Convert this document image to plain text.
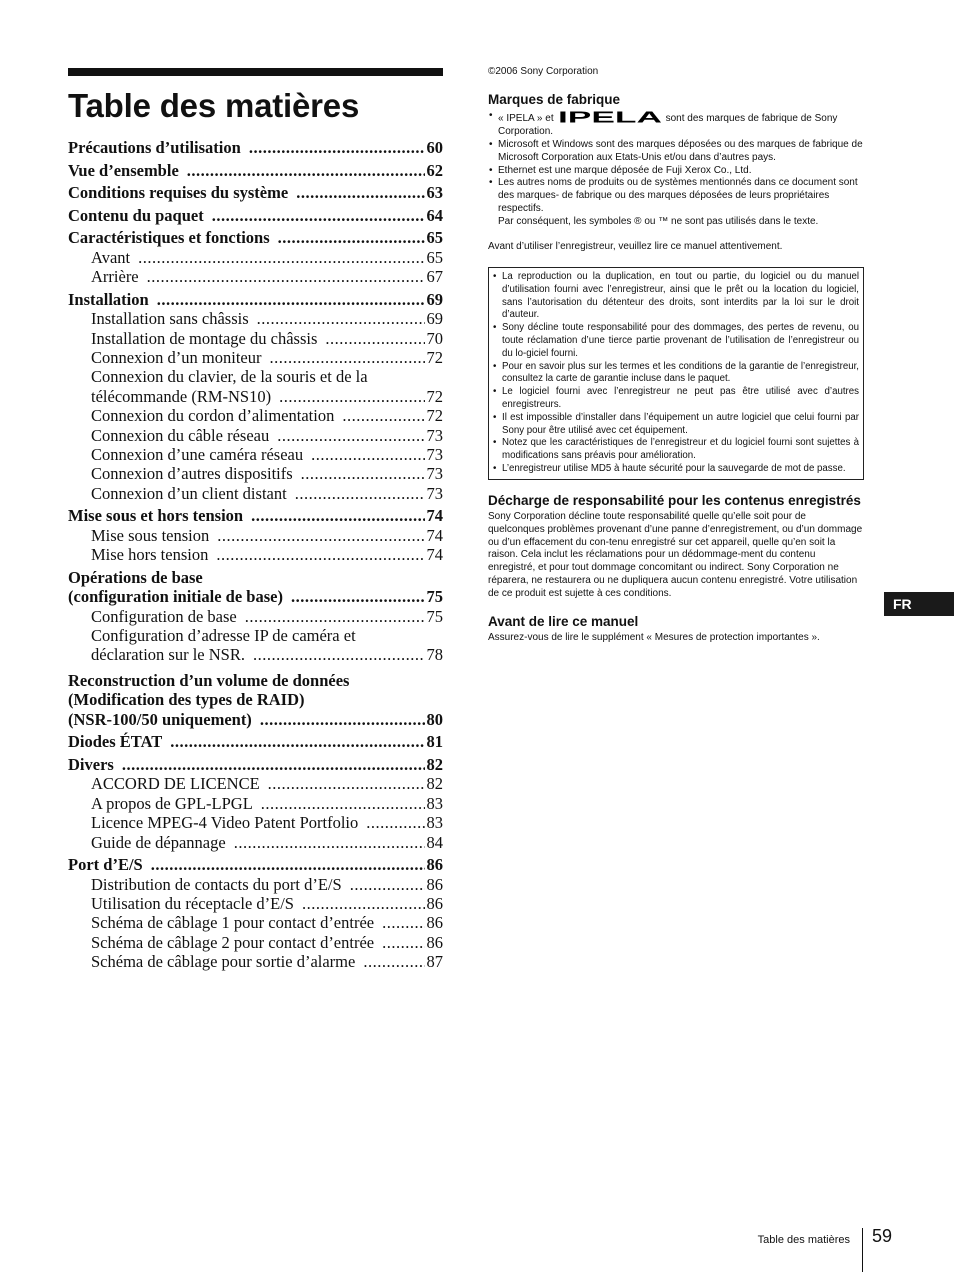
Table des matières
Précautions d’utilisation .....	60
Vue d’ensemble .....	62
Conditions requises du système .....	63
Contenu du paquet .....	64
Caractéristiques et fonctions .....	65
Avant .....	65
Arrière .....	67
Installation .....	69
Installation sans châssis .....	69
Installation de montage du châssis .....	70
Connexion d’un moniteur .....	72
Connexion du clavier, de la souris et de la
télécommande (RM-NS10) .....	72
Connexion du cordon d’alimentation .....	72
Connexion du câble réseau .....	73
Connexion d’une caméra réseau .....	73
Connexion d’autres dispositifs .....	73
Connexion d’un client distant .....	73
Mise sous et hors tension .....	74
Mise sous tension .....	74
Mise hors tension .....	74
Opérations de base
(configuration initiale de base) .....	75
Configuration de base .....	75
Configuration d’adresse IP de caméra et
déclaration sur le NSR. .....	78
Reconstruction d’un volume de données
(Modification des types de RAID)
(NSR-100/50 uniquement) .....	80
Diodes ÉTAT .....	81
Divers .....	82
ACCORD DE LICENCE .....	82
A propos de GPL-LPGL .....	83
Licence MPEG-4 Video Patent Portfolio .....	83
Guide de dépannage .....	84
Port d’E/S .....	86
Distribution de contacts du port d’E/S .....	86
Utilisation du réceptacle d’E/S .....	86
Schéma de câblage 1 pour contact d’entrée .....	86
Schéma de câblage 2 pour contact d’entrée .....	86
Schéma de câblage pour sortie d’alarme .....	87
©2006 Sony Corporation
Marques de fabrique
• « IPELA » et IPELA sont des marques de fabrique de Sony Corporation.
• Microsoft et Windows sont des marques déposées ou des marques de fabrique de Microsoft Corporation aux Etats-Unis et/ou dans d’autres pays.
• Ethernet est une marque déposée de Fuji Xerox Co., Ltd.
• Les autres noms de produits ou de systèmes mentionnés dans ce document sont des marques- de fabrique ou des marques déposées de leurs propriétaires respectifs.
Par conséquent, les symboles ® ou ™ ne sont pas utilisés dans le texte.
Avant d’utiliser l’enregistreur, veuillez lire ce manuel attentivement.
• La reproduction ou la duplication, en tout ou partie, du logiciel ou du manuel d’utilisation fourni avec l’enregistreur, ainsi que le prêt ou la location du logiciel, sans l’autorisation du détenteur des droits, sont interdits par la loi sur le droit d’auteur.
• Sony décline toute responsabilité pour des dommages, des pertes de revenu, ou toute réclamation d’une tierce partie provenant de l’utilisation de l’enregistreur ou du lo-giciel fourni.
• Pour en savoir plus sur les termes et les conditions de la garantie de l’enregistreur, consultez la carte de garantie incluse dans le paquet.
• Le logiciel fourni avec l’enregistreur ne peut pas être utilisé avec d’autres enregistreurs.
• Il est impossible d’installer dans l’équipement un autre logiciel que celui fourni par Sony pour être utilisé avec cet équipement.
• Notez que les caractéristiques de l’enregistreur et du logiciel fourni sont sujettes à modifications sans préavis pour amélioration.
• L’enregistreur utilise MD5 à haute sécurité pour la sauvegarde de mot de passe.
Décharge de responsabilité pour les contenus enregistrés
Sony Corporation décline toute responsabilité quelle qu’elle soit pour de quelconques problèmes provenant d’une panne d’enregistrement, ou d’un dommage ou d’un effacement du con-tenu enregistré sur cet appareil, quelle qu’en soit la raison. Cela inclut les réclamations pour un dédommage-ment du contenu enregistré, et pour tout dommage concomitant ou indirect. Sony Corporation ne réparera, ne restaurera ou ne dupliquera aucun contenu enregistré. Votre utilisation de ce produit est sujette à ces conditions.
Avant de lire ce manuel
Assurez-vous de lire le supplément « Mesures de protection importantes ».
FR
Table des matières 59
